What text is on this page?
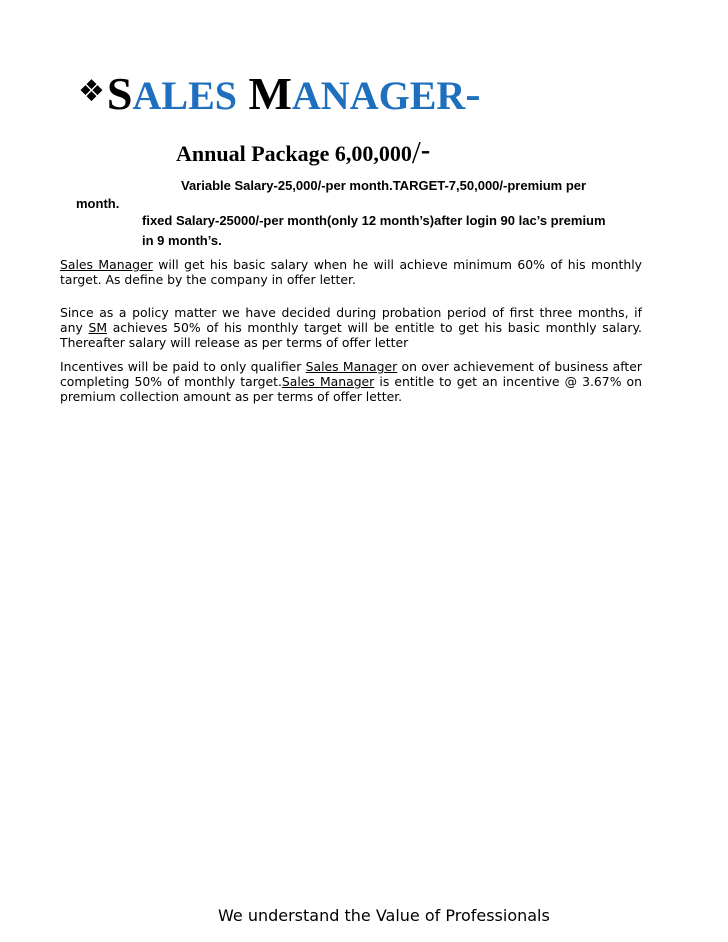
❖SALES MANAGER-
Annual Package 6,00,000/-
Variable Salary-25,000/-per month.TARGET-7,50,000/-premium per
month.
fixed Salary-25000/-per month(only 12 month’s)after login 90 lac’s premium
in 9 month’s.

Sales Manager will get his basic salary when he will achieve minimum 60% of his monthly target. As define by the company in offer letter.

Since as a policy matter we have decided during probation period of first three months, if any SM achieves 50% of his monthly target will be entitle to get his basic monthly salary. Thereafter salary will release as per terms of offer letter

Incentives will be paid to only qualifier Sales Manager on over achievement of business after completing 50% of monthly target.Sales Manager is entitle to get an incentive @ 3.67% on premium collection amount as per terms of offer letter.

We understand the Value of Professionals
